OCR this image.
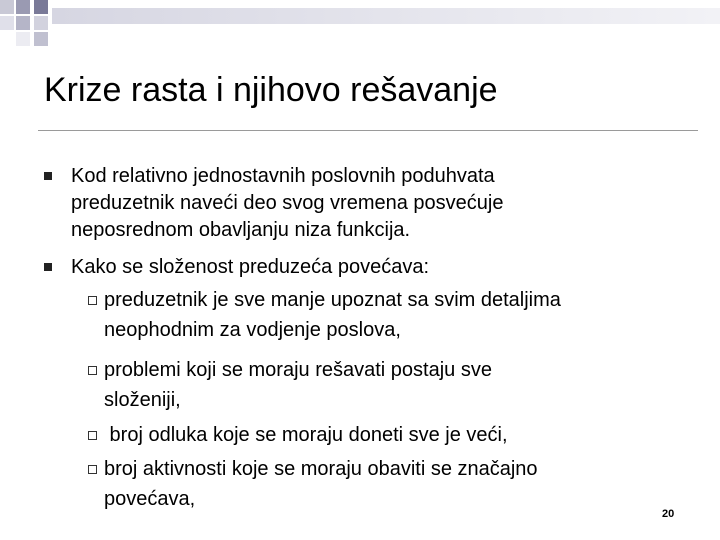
Krize rasta i njihovo rešavanje
Kod relativno jednostavnih poslovnih poduhvata
preduzetnik naveći deo svog vremena posvećuje
neposrednom obavljanju niza funkcija.
Kako se složenost preduzeća povećava:
preduzetnik je sve manje upoznat sa svim detaljima
neophodnim za vodjenje poslova,
problemi koji se moraju rešavati postaju sve
složeniji,
broj odluka koje se moraju doneti sve je veći,
broj aktivnosti koje se moraju obaviti se značajno
povećava,
20
